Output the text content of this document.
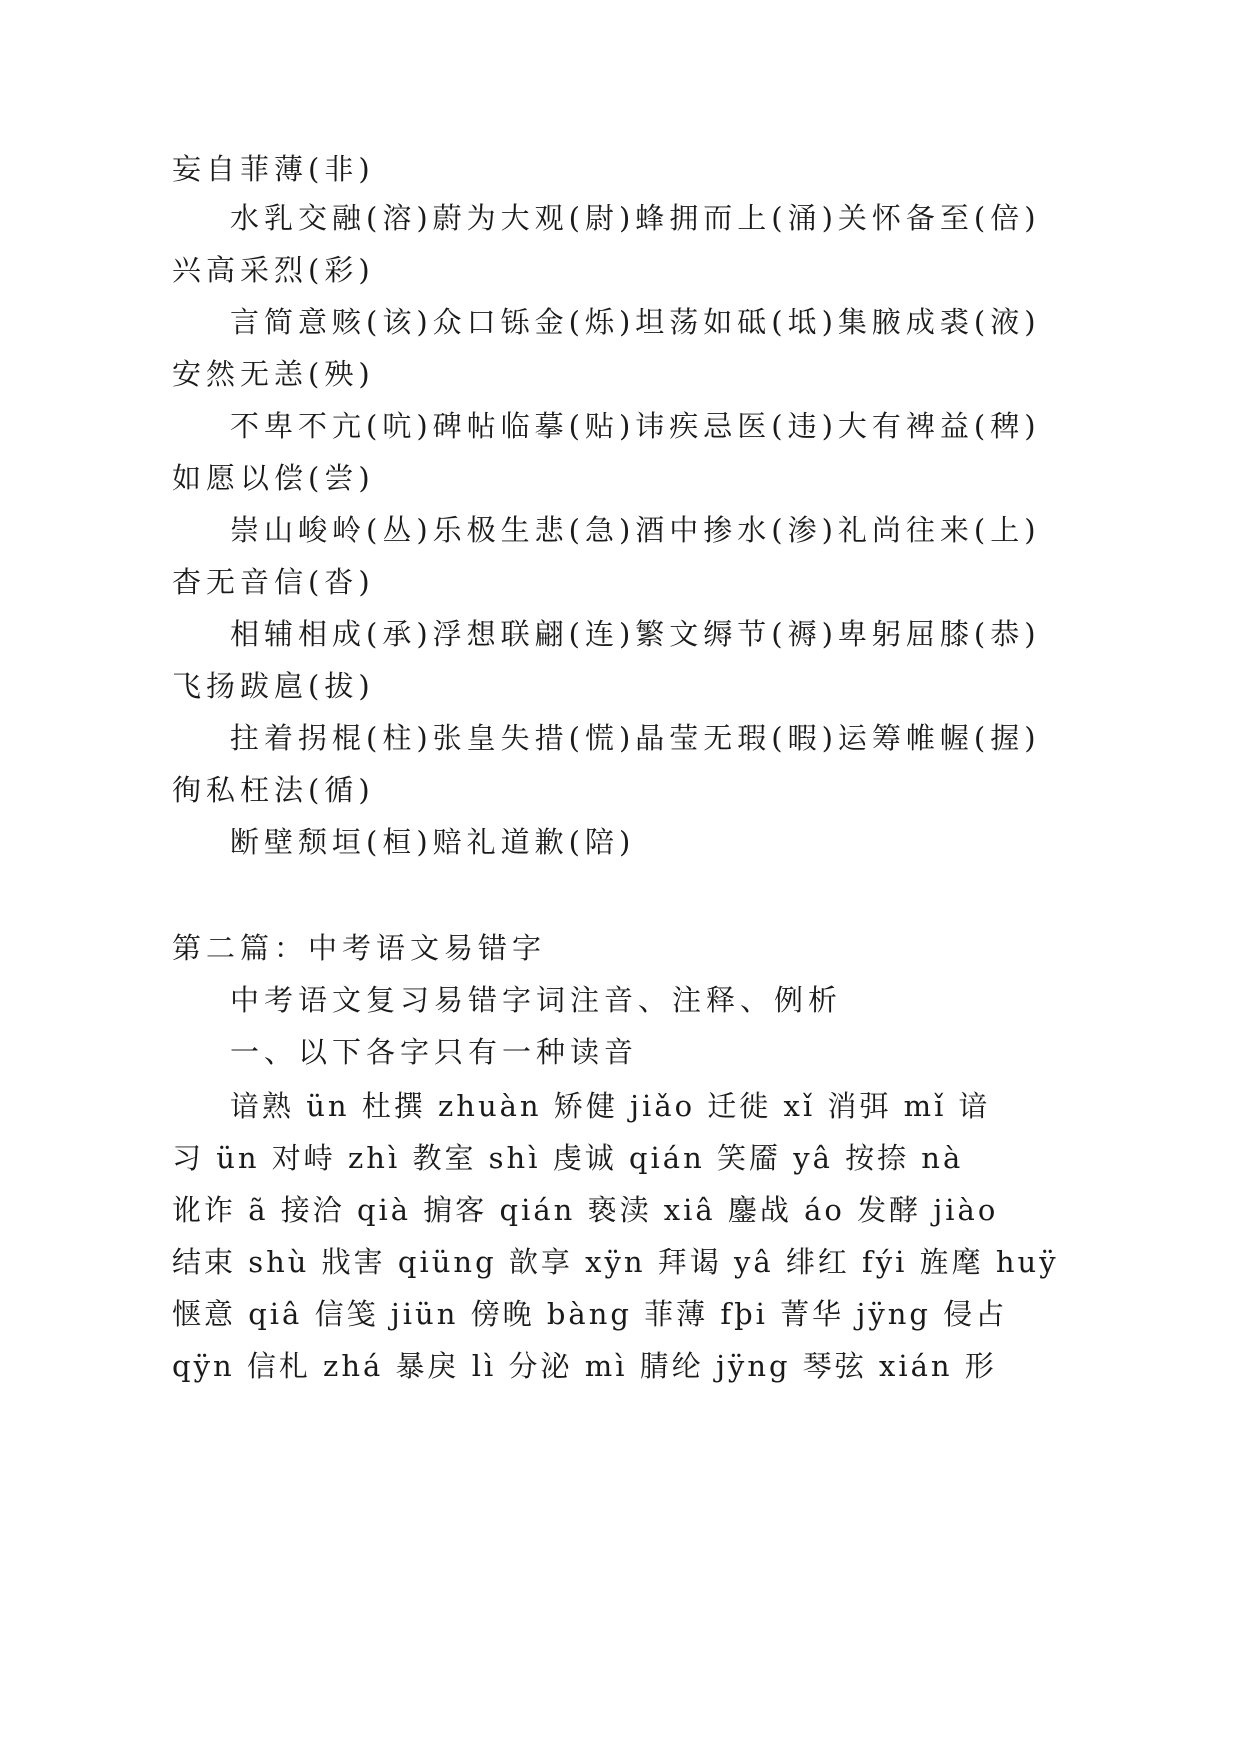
妄自菲薄(非)
水乳交融(溶)蔚为大观(尉)蜂拥而上(涌)关怀备至(倍)
兴高采烈(彩)
言简意赅(该)众口铄金(烁)坦荡如砥(坻)集腋成裘(液)
安然无恙(殃)
不卑不亢(吭)碑帖临摹(贴)讳疾忌医(违)大有裨益(稗)
如愿以偿(尝)
崇山峻岭(丛)乐极生悲(急)酒中掺水(渗)礼尚往来(上)
杳无音信(沓)
相辅相成(承)浮想联翩(连)繁文缛节(褥)卑躬屈膝(恭)
飞扬跋扈(拔)
拄着拐棍(柱)张皇失措(慌)晶莹无瑕(暇)运筹帷幄(握)
徇私枉法(循)
断壁颓垣(桓)赔礼道歉(陪)
第二篇：中考语文易错字
中考语文复习易错字词注音、注释、例析
一、以下各字只有一种读音
谙熟 ün 杜撰 zhuàn 矫健 jiǎo 迁徙 xǐ 消弭 mǐ 谙
习 ün 对峙 zhì 教室 shì 虔诚 qián 笑靥 yâ 按捺 nà
讹诈 ã 接洽 qià 掮客 qián 亵渎 xiâ 鏖战 áo 发酵 jiào
结束 shù 戕害 qiüng 歆享 xÿn 拜谒 yâ 绯红 fýi 旌麾 huÿ
惬意 qiâ 信笺 jiün 傍晚 bàng 菲薄 fþi 菁华 jÿng 侵占
qÿn 信札 zhá 暴戾 lì 分泌 mì 腈纶 jÿng 琴弦 xián 形
